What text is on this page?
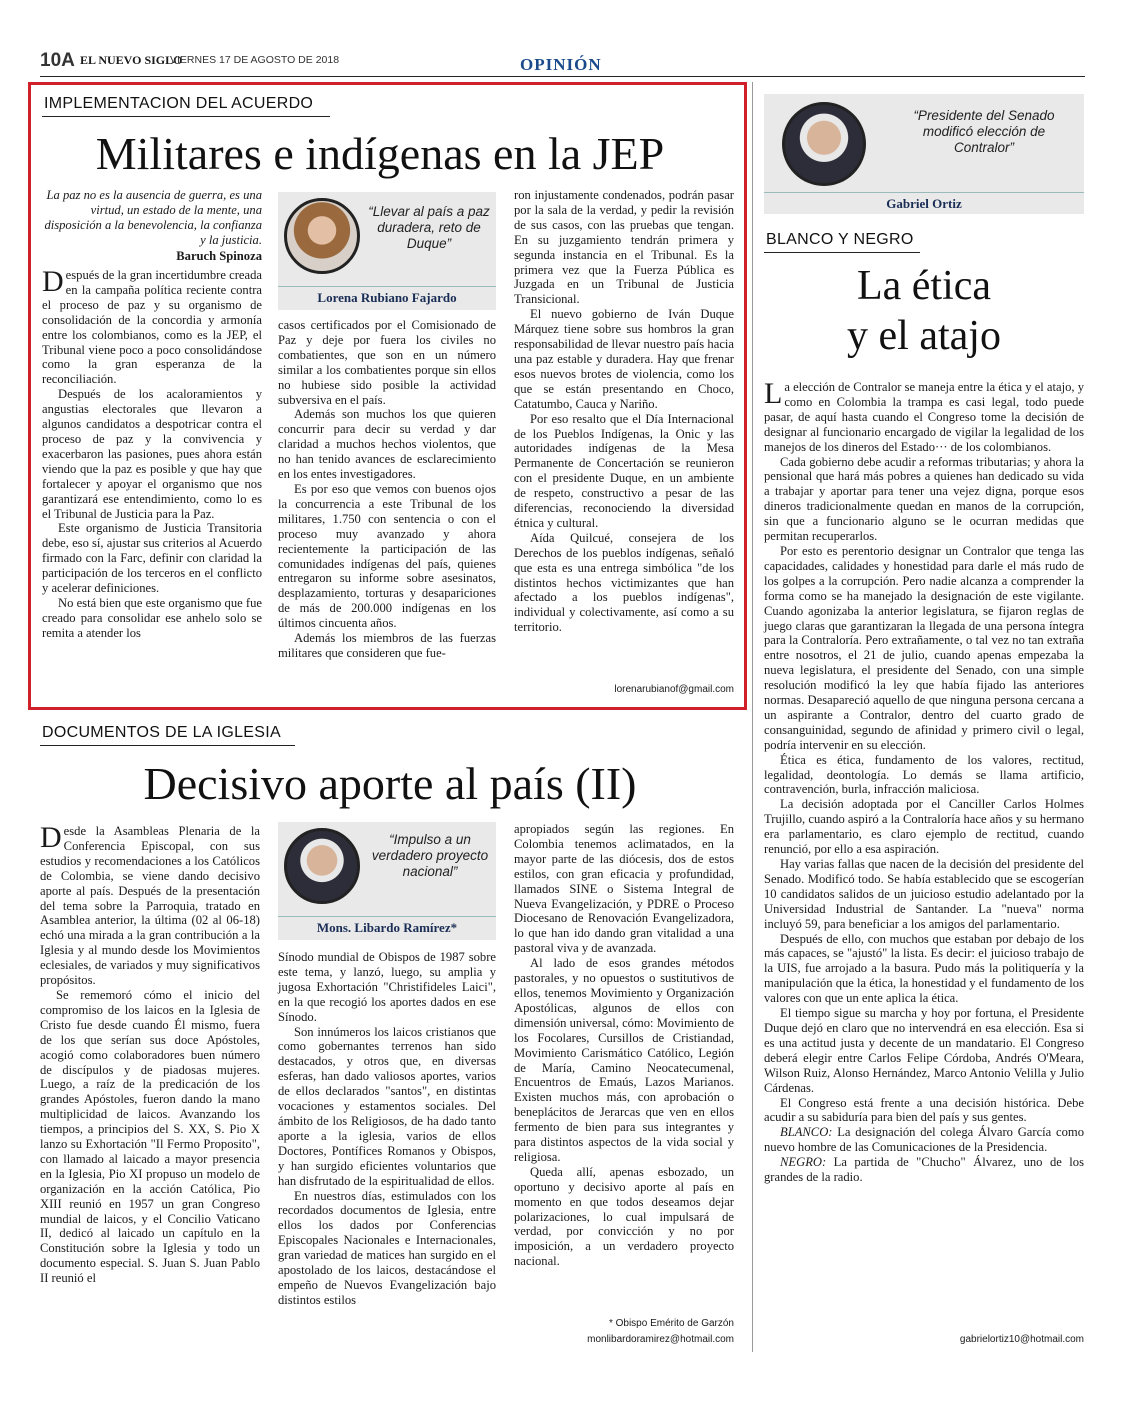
10A EL NUEVO SIGLO
VIERNES 17 DE AGOSTO DE 2018	OPINIÓN
IMPLEMENTACION DEL ACUERDO
Militares e indígenas en la JEP
La paz no es la ausencia de guerra, es una virtud, un estado de la mente, una disposición a la benevolencia, la confianza y la justicia.
Baruch Spinoza

Después de la gran incertidumbre creada en la campaña política reciente contra el proceso de paz y su organismo de consolidación de la concordia y armonía entre los colombianos, como es la JEP, el Tribunal viene poco a poco consolidándose como la gran esperanza de la reconciliación.

Después de los acaloramientos y angustias electorales que llevaron a algunos candidatos a despotricar contra el proceso de paz y la convivencia y exacerbaron las pasiones, pues ahora están viendo que la paz es posible y que hay que fortalecer y apoyar el organismo que nos garantizará ese entendimiento, como lo es el Tribunal de Justicia para la Paz.

Este organismo de Justicia Transitoria debe, eso sí, ajustar sus criterios al Acuerdo firmado con la Farc, definir con claridad la participación de los terceros en el conflicto y acelerar definiciones.

No está bien que este organismo que fue creado para consolidar ese anhelo solo se remita a atender los

“Llevar al país a paz duradera, reto de Duque”
Lorena Rubiano Fajardo

casos certificados por el Comisionado de Paz y deje por fuera los civiles no combatientes, que son en un número similar a los combatientes porque sin ellos no hubiese sido posible la actividad subversiva en el país.

Además son muchos los que quieren concurrir para decir su verdad y dar claridad a muchos hechos violentos, que no han tenido avances de esclarecimiento en los entes investigadores.

Es por eso que vemos con buenos ojos la concurrencia a este Tribunal de los militares, 1.750 con sentencia o con el proceso muy avanzado y ahora recientemente la participación de las comunidades indígenas del país, quienes entregaron su informe sobre asesinatos, desplazamiento, torturas y desapariciones de más de 200.000 indígenas en los últimos cincuenta años.

Además los miembros de las fuerzas militares que consideren que fue-

ron injustamente condenados, podrán pasar por la sala de la verdad, y pedir la revisión de sus casos, con las pruebas que tengan. En su juzgamiento tendrán primera y segunda instancia en el Tribunal. Es la primera vez que la Fuerza Pública es Juzgada en un Tribunal de Justicia Transicional.

El nuevo gobierno de Iván Duque Márquez tiene sobre sus hombros la gran responsabilidad de llevar nuestro país hacia una paz estable y duradera. Hay que frenar esos nuevos brotes de violencia, como los que se están presentando en Choco, Catatumbo, Cauca y Nariño.

Por eso resalto que el Día Internacional de los Pueblos Indígenas, la Onic y las autoridades indígenas de la Mesa Permanente de Concertación se reunieron con el presidente Duque, en un ambiente de respeto, constructivo a pesar de las diferencias, reconociendo la diversidad étnica y cultural.

Aída Quilcué, consejera de los Derechos de los pueblos indígenas, señaló que esta es una entrega simbólica "de los distintos hechos victimizantes que han afectado a los pueblos indígenas", individual y colectivamente, así como a su territorio.

lorenarubianof@gmail.com
DOCUMENTOS DE LA IGLESIA
Decisivo aporte al país (II)

Desde la Asambleas Plenaria de la Conferencia Episcopal, con sus estudios y recomendaciones a los Católicos de Colombia, se viene dando decisivo aporte al país. Después de la presentación del tema sobre la Parroquia, tratado en Asamblea anterior, la última (02 al 06-18) echó una mirada a la gran contribución a la Iglesia y al mundo desde los Movimientos eclesiales, de variados y muy significativos propósitos.

Se rememoró cómo el inicio del compromiso de los laicos en la Iglesia de Cristo fue desde cuando Él mismo, fuera de los que serían sus doce Apóstoles, acogió como colaboradores buen número de discípulos y de piadosas mujeres. Luego, a raíz de la predicación de los grandes Apóstoles, fueron dando la mano multiplicidad de laicos. Avanzando los tiempos, a principios del S. XX, S. Pio X lanzo su Exhortación "Il Fermo Proposito", con llamado al laicado a mayor presencia en la Iglesia, Pio XI propuso un modelo de organización en la acción Católica, Pio XIII reunió en 1957 un gran Congreso mundial de laicos, y el Concilio Vaticano II, dedicó al laicado un capítulo en la Constitución sobre la Iglesia y todo un documento especial. S. Juan S. Juan Pablo II reunió el

“Impulso a un verdadero proyecto nacional”
Mons. Libardo Ramírez*

Sínodo mundial de Obispos de 1987 sobre este tema, y lanzó, luego, su amplia y jugosa Exhortación "Christifideles Laici", en la que recogió los aportes dados en ese Sínodo.

Son innúmeros los laicos cristianos que como gobernantes terrenos han sido destacados, y otros que, en diversas esferas, han dado valiosos aportes, varios de ellos declarados "santos", en distintas vocaciones y estamentos sociales. Del ámbito de los Religiosos, de ha dado tanto aporte a la iglesia, varios de ellos Doctores, Pontífices Romanos y Obispos, y han surgido eficientes voluntarios que han disfrutado de la espiritualidad de ellos.

En nuestros días, estimulados con los recordados documentos de Iglesia, entre ellos los dados por Conferencias Episcopales Nacionales e Internacionales, gran variedad de matices han surgido en el apostolado de los laicos, destacándose el empeño de Nuevos Evangelización bajo distintos estilos

apropiados según las regiones. En Colombia tenemos aclimatados, en la mayor parte de las diócesis, dos de estos estilos, con gran eficacia y profundidad, llamados SINE o Sistema Integral de Nueva Evangelización, y PDRE o Proceso Diocesano de Renovación Evangelizadora, lo que han ido dando gran vitalidad a una pastoral viva y de avanzada.

Al lado de esos grandes métodos pastorales, y no opuestos o sustitutivos de ellos, tenemos Movimiento y Organización Apostólicas, algunos de ellos con dimensión universal, cómo: Movimiento de los Focolares, Cursillos de Cristiandad, Movimiento Carismático Católico, Legión de María, Camino Neocatecumenal, Encuentros de Emaús, Lazos Marianos. Existen muchos más, con aprobación o beneplácitos de Jerarcas que ven en ellos fermento de bien para sus integrantes y para distintos aspectos de la vida social y religiosa.

Queda allí, apenas esbozado, un oportuno y decisivo aporte al país en momento en que todos deseamos dejar polarizaciones, lo cual impulsará de verdad, por convicción y no por imposición, a un verdadero proyecto nacional.

* Obispo Emérito de Garzón
monlibardoramirez@hotmail.com
“Presidente del Senado modificó elección de Contralor”
Gabriel Ortiz
BLANCO Y NEGRO
La ética
y el atajo

La elección de Contralor se maneja entre la ética y el atajo, y como en Colombia la trampa es casi legal, todo puede pasar, de aquí hasta cuando el Congreso tome la decisión de designar al funcionario encargado de vigilar la legalidad de los manejos de los dineros del Estado··· de los colombianos.

Cada gobierno debe acudir a reformas tributarias; y ahora la pensional que hará más pobres a quienes han dedicado su vida a trabajar y aportar para tener una vejez digna, porque esos dineros tradicionalmente quedan en manos de la corrupción, sin que a funcionario alguno se le ocurran medidas que permitan recuperarlos.

Por esto es perentorio designar un Contralor que tenga las capacidades, calidades y honestidad para darle el más rudo de los golpes a la corrupción. Pero nadie alcanza a comprender la forma como se ha manejado la designación de este vigilante. Cuando agonizaba la anterior legislatura, se fijaron reglas de juego claras que garantizaran la llegada de una persona íntegra para la Contraloría. Pero extrañamente, o tal vez no tan extraña entre nosotros, el 21 de julio, cuando apenas empezaba la nueva legislatura, el presidente del Senado, con una simple resolución modificó la ley que había fijado las anteriores normas. Desapareció aquello de que ninguna persona cercana a un aspirante a Contralor, dentro del cuarto grado de consanguinidad, segundo de afinidad y primero civil o legal, podría intervenir en su elección.

Ética es ética, fundamento de los valores, rectitud, legalidad, deontología. Lo demás se llama artificio, contravención, burla, infracción maliciosa.

La decisión adoptada por el Canciller Carlos Holmes Trujillo, cuando aspiró a la Contraloría hace años y su hermano era parlamentario, es claro ejemplo de rectitud, cuando renunció, por ello a esa aspiración.

Hay varias fallas que nacen de la decisión del presidente del Senado. Modificó todo. Se había establecido que se escogerían 10 candidatos salidos de un juicioso estudio adelantado por la Universidad Industrial de Santander. La "nueva" norma incluyó 59, para beneficiar a los amigos del parlamentario.

Después de ello, con muchos que estaban por debajo de los más capaces, se "ajustó" la lista. Es decir: el juicioso trabajo de la UIS, fue arrojado a la basura. Pudo más la politiquería y la manipulación que la ética, la honestidad y el fundamento de los valores con que un ente aplica la ética.

El tiempo sigue su marcha y hoy por fortuna, el Presidente Duque dejó en claro que no intervendrá en esa elección. Esa si es una actitud justa y decente de un mandatario. El Congreso deberá elegir entre Carlos Felipe Córdoba, Andrés O'Meara, Wilson Ruiz, Alonso Hernández, Marco Antonio Velilla y Julio Cárdenas.

El Congreso está frente a una decisión histórica. Debe acudir a su sabiduría para bien del país y sus gentes.

BLANCO: La designación del colega Álvaro García como nuevo hombre de las Comunicaciones de la Presidencia.

NEGRO: La partida de "Chucho" Álvarez, uno de los grandes de la radio.

gabrielortiz10@hotmail.com
